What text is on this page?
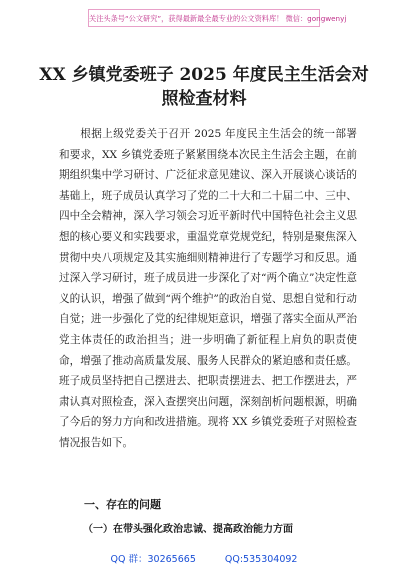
关注头条号“公文研究”，获得最新最全最专业的公文资料库！ 微信：gongwenyj
XX 乡镇党委班子 2025 年度民主生活会对
照检查材料

根据上级党委关于召开 2025 年度民主生活会的统一部署和要求，XX 乡镇党委班子紧紧围绕本次民主生活会主题，在前期组织集中学习研讨、广泛征求意见建议、深入开展谈心谈话的基础上，班子成员认真学习了党的二十大和二十届二中、三中、四中全会精神，深入学习领会习近平新时代中国特色社会主义思想的核心要义和实践要求，重温党章党规党纪，特别是聚焦深入贯彻中央八项规定及其实施细则精神进行了专题学习和反思。通过深入学习研讨，班子成员进一步深化了对“两个确立”决定性意义的认识，增强了做到“两个维护”的政治自觉、思想自觉和行动自觉；进一步强化了党的纪律规矩意识，增强了落实全面从严治党主体责任的政治担当；进一步明确了新征程上肩负的职责使命，增强了推动高质量发展、服务人民群众的紧迫感和责任感。班子成员坚持把自己摆进去、把职责摆进去、把工作摆进去，严肃认真对照检查，深入查摆突出问题，深刻剖析问题根源，明确了今后的努力方向和改进措施。现将 XX 乡镇党委班子对照检查情况报告如下。

一、存在的问题
（一）在带头强化政治忠诚、提高政治能力方面
QQ 群：30265665	QQ:535304092
